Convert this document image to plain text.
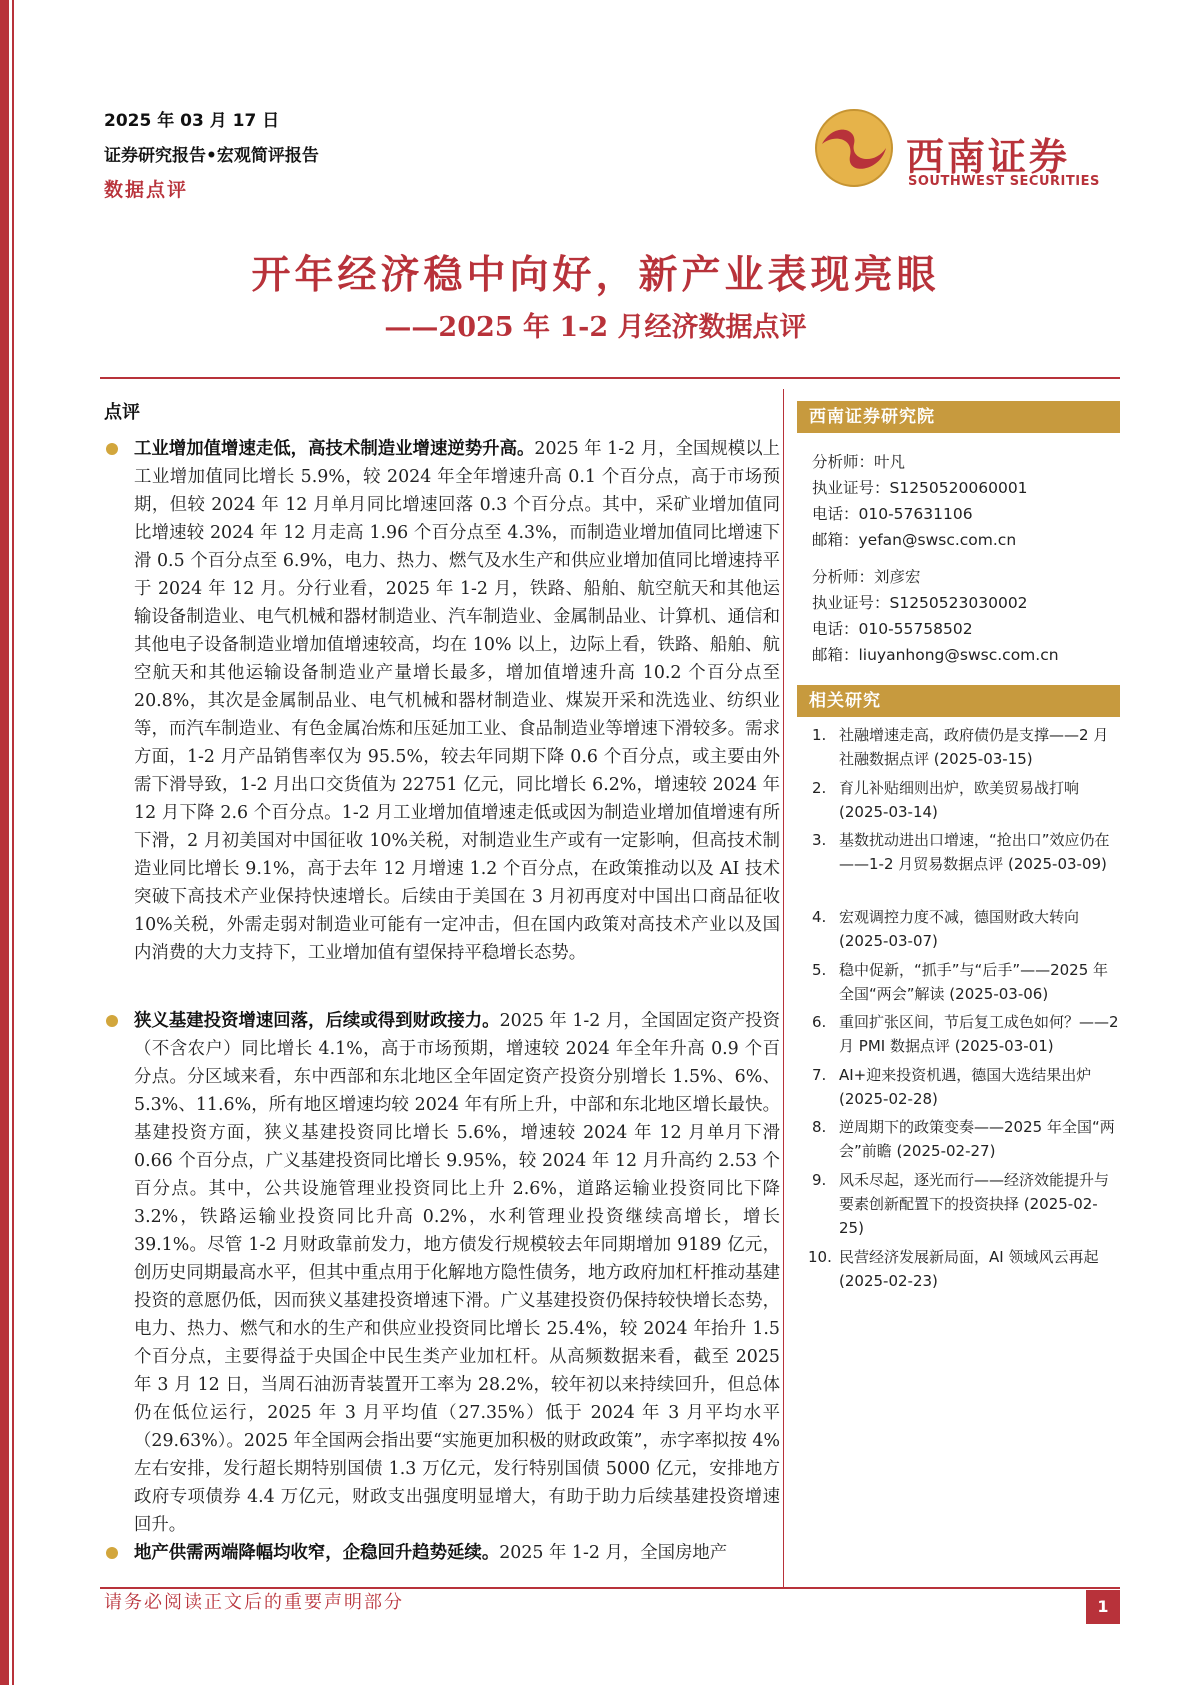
2025 年 03 月 17 日
证券研究报告•宏观简评报告
数据点评
西南证券
SOUTHWEST SECURITIES
开年经济稳中向好，新产业表现亮眼
——2025 年 1-2 月经济数据点评
点评
工业增加值增速走低，高技术制造业增速逆势升高。2025 年 1-2 月，全国规模以上工业增加值同比增长 5.9%，较 2024 年全年增速升高 0.1 个百分点，高于市场预期，但较 2024 年 12 月单月同比增速回落 0.3 个百分点。其中，采矿业增加值同比增速较 2024 年 12 月走高 1.96 个百分点至 4.3%，而制造业增加值同比增速下滑 0.5 个百分点至 6.9%，电力、热力、燃气及水生产和供应业增加值同比增速持平于 2024 年 12 月。分行业看，2025 年 1-2 月，铁路、船舶、航空航天和其他运输设备制造业、电气机械和器材制造业、汽车制造业、金属制品业、计算机、通信和其他电子设备制造业增加值增速较高，均在 10% 以上，边际上看，铁路、船舶、航空航天和其他运输设备制造业产量增长最多，增加值增速升高 10.2 个百分点至 20.8%，其次是金属制品业、电气机械和器材制造业、煤炭开采和洗选业、纺织业等，而汽车制造业、有色金属冶炼和压延加工业、食品制造业等增速下滑较多。需求方面，1-2 月产品销售率仅为 95.5%，较去年同期下降 0.6 个百分点，或主要由外需下滑导致，1-2 月出口交货值为 22751 亿元，同比增长 6.2%，增速较 2024 年 12 月下降 2.6 个百分点。1-2 月工业增加值增速走低或因为制造业增加值增速有所下滑，2 月初美国对中国征收 10%关税，对制造业生产或有一定影响，但高技术制造业同比增长 9.1%，高于去年 12 月增速 1.2 个百分点，在政策推动以及 AI 技术突破下高技术产业保持快速增长。后续由于美国在 3 月初再度对中国出口商品征收 10%关税，外需走弱对制造业可能有一定冲击，但在国内政策对高技术产业以及国内消费的大力支持下，工业增加值有望保持平稳增长态势。
狭义基建投资增速回落，后续或得到财政接力。2025 年 1-2 月，全国固定资产投资（不含农户）同比增长 4.1%，高于市场预期，增速较 2024 年全年升高 0.9 个百分点。分区域来看，东中西部和东北地区全年固定资产投资分别增长 1.5%、6%、5.3%、11.6%，所有地区增速均较 2024 年有所上升，中部和东北地区增长最快。基建投资方面，狭义基建投资同比增长 5.6%，增速较 2024 年 12 月单月下滑 0.66 个百分点，广义基建投资同比增长 9.95%，较 2024 年 12 月升高约 2.53 个百分点。其中，公共设施管理业投资同比上升 2.6%，道路运输业投资同比下降 3.2%，铁路运输业投资同比升高 0.2%，水利管理业投资继续高增长，增长 39.1%。尽管 1-2 月财政靠前发力，地方债发行规模较去年同期增加 9189 亿元，创历史同期最高水平，但其中重点用于化解地方隐性债务，地方政府加杠杆推动基建投资的意愿仍低，因而狭义基建投资增速下滑。广义基建投资仍保持较快增长态势，电力、热力、燃气和水的生产和供应业投资同比增长 25.4%，较 2024 年抬升 1.5 个百分点，主要得益于央国企中民生类产业加杠杆。从高频数据来看，截至 2025 年 3 月 12 日，当周石油沥青装置开工率为 28.2%，较年初以来持续回升，但总体仍在低位运行，2025 年 3 月平均值（27.35%）低于 2024 年 3 月平均水平（29.63%）。2025 年全国两会指出要“实施更加积极的财政政策”，赤字率拟按 4%左右安排，发行超长期特别国债 1.3 万亿元，发行特别国债 5000 亿元，安排地方政府专项债券 4.4 万亿元，财政支出强度明显增大，有助于助力后续基建投资增速回升。
地产供需两端降幅均收窄，企稳回升趋势延续。2025 年 1-2 月，全国房地产
西南证券研究院
分析师：叶凡
执业证号：S1250520060001
电话：010-57631106
邮箱：yefan@swsc.com.cn
分析师：刘彦宏
执业证号：S1250523030002
电话：010-55758502
邮箱：liuyanhong@swsc.com.cn
相关研究
1. 社融增速走高，政府债仍是支撑——2 月社融数据点评 (2025-03-15)
2. 育儿补贴细则出炉，欧美贸易战打响 (2025-03-14)
3. 基数扰动进出口增速，“抢出口”效应仍在——1-2 月贸易数据点评 (2025-03-09)
4. 宏观调控力度不减，德国财政大转向 (2025-03-07)
5. 稳中促新，“抓手”与“后手”——2025 年全国“两会”解读 (2025-03-06)
6. 重回扩张区间，节后复工成色如何？——2 月 PMI 数据点评 (2025-03-01)
7. AI+迎来投资机遇，德国大选结果出炉 (2025-02-28)
8. 逆周期下的政策变奏——2025 年全国“两会”前瞻 (2025-02-27)
9. 风禾尽起，逐光而行——经济效能提升与要素创新配置下的投资抉择 (2025-02-25)
10. 民营经济发展新局面，AI 领域风云再起 (2025-02-23)
请务必阅读正文后的重要声明部分	1
